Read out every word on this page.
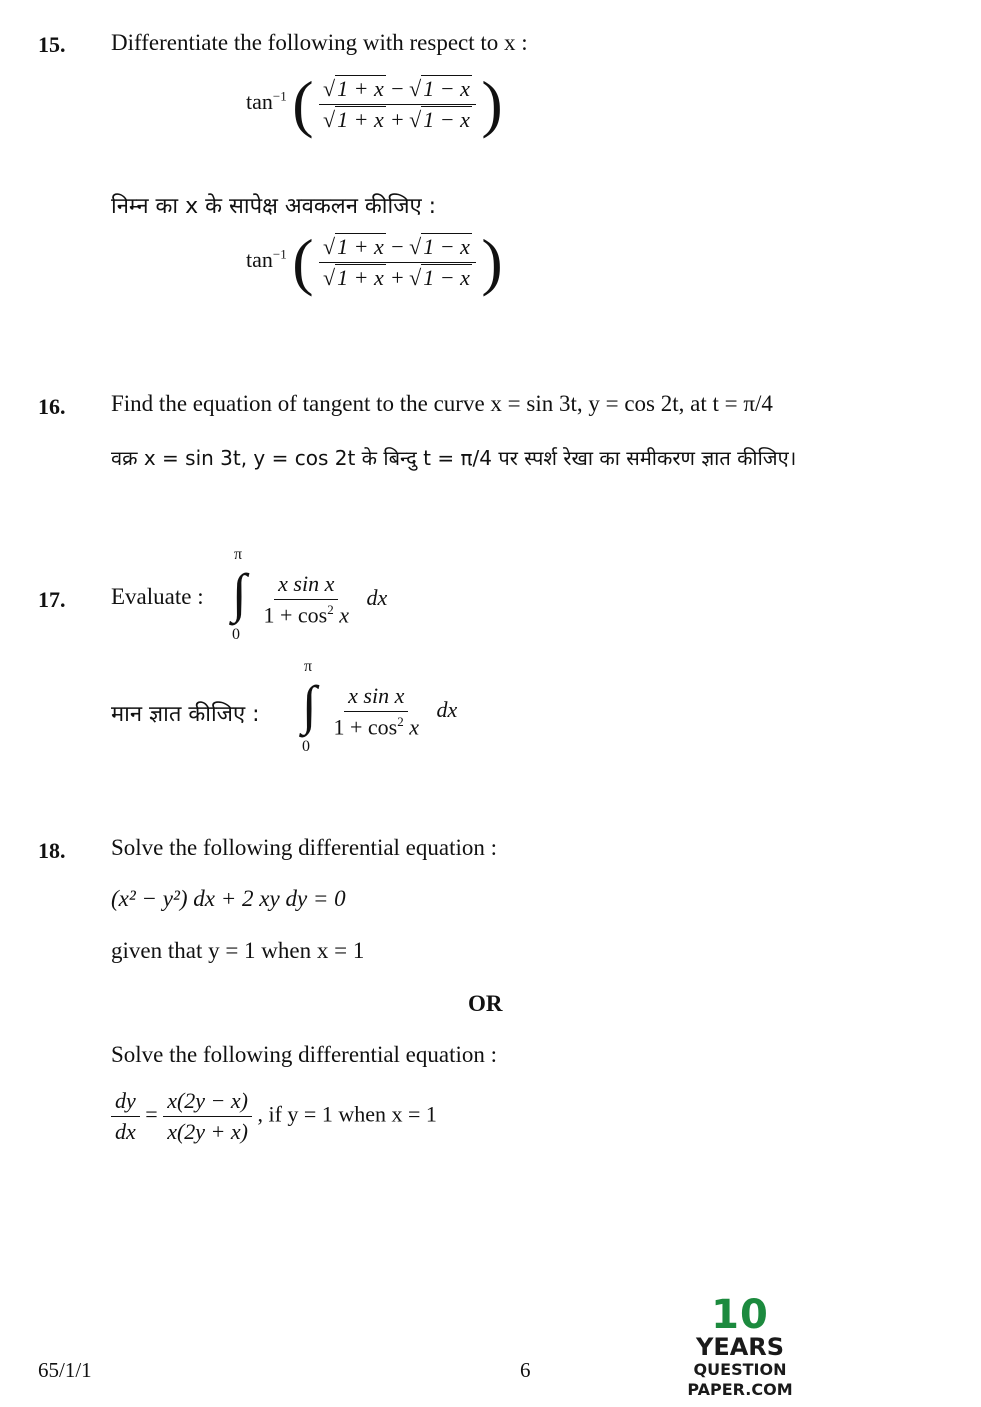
15. Differentiate the following with respect to x :
$\tan^{-1}$ ( $\frac{√1 + x - √1 - x}{√1 + x + √1 - x}$ )
निम्न का x के सापेक्ष अवकलन कीजिए :
$\tan^{-1}$ ( $\frac{√1 + x - √1 - x}{√1 + x + √1 - x}$ )
16. Find the equation of tangent to the curve x = sin 3t, y = cos 2t, at t = π/4
वक्र x = sin 3t, y = cos 2t के बिन्दु t = π/4 पर स्पर्श रेखा का समीकरण ज्ञात कीजिए।
17. Evaluate : ∫
π
0

$\frac{\text{x sin x}}{1 + \cos^2 x}$ dx
मान ज्ञात कीजिए : ∫
π
0

$\frac{\text{x sin x}}{1 + \cos^2 x}$ dx
18. Solve the following differential equation :
(x² − y²) dx + 2 xy dy = 0
given that y = 1 when x = 1
OR
Solve the following differential equation :
$\frac{dy}{dx} = \frac{x(2y - x)}{x(2y + x)}$ , if y = 1 when x = 1
10
YEARS
QUESTION PAPER.COM
65/1/1	6
